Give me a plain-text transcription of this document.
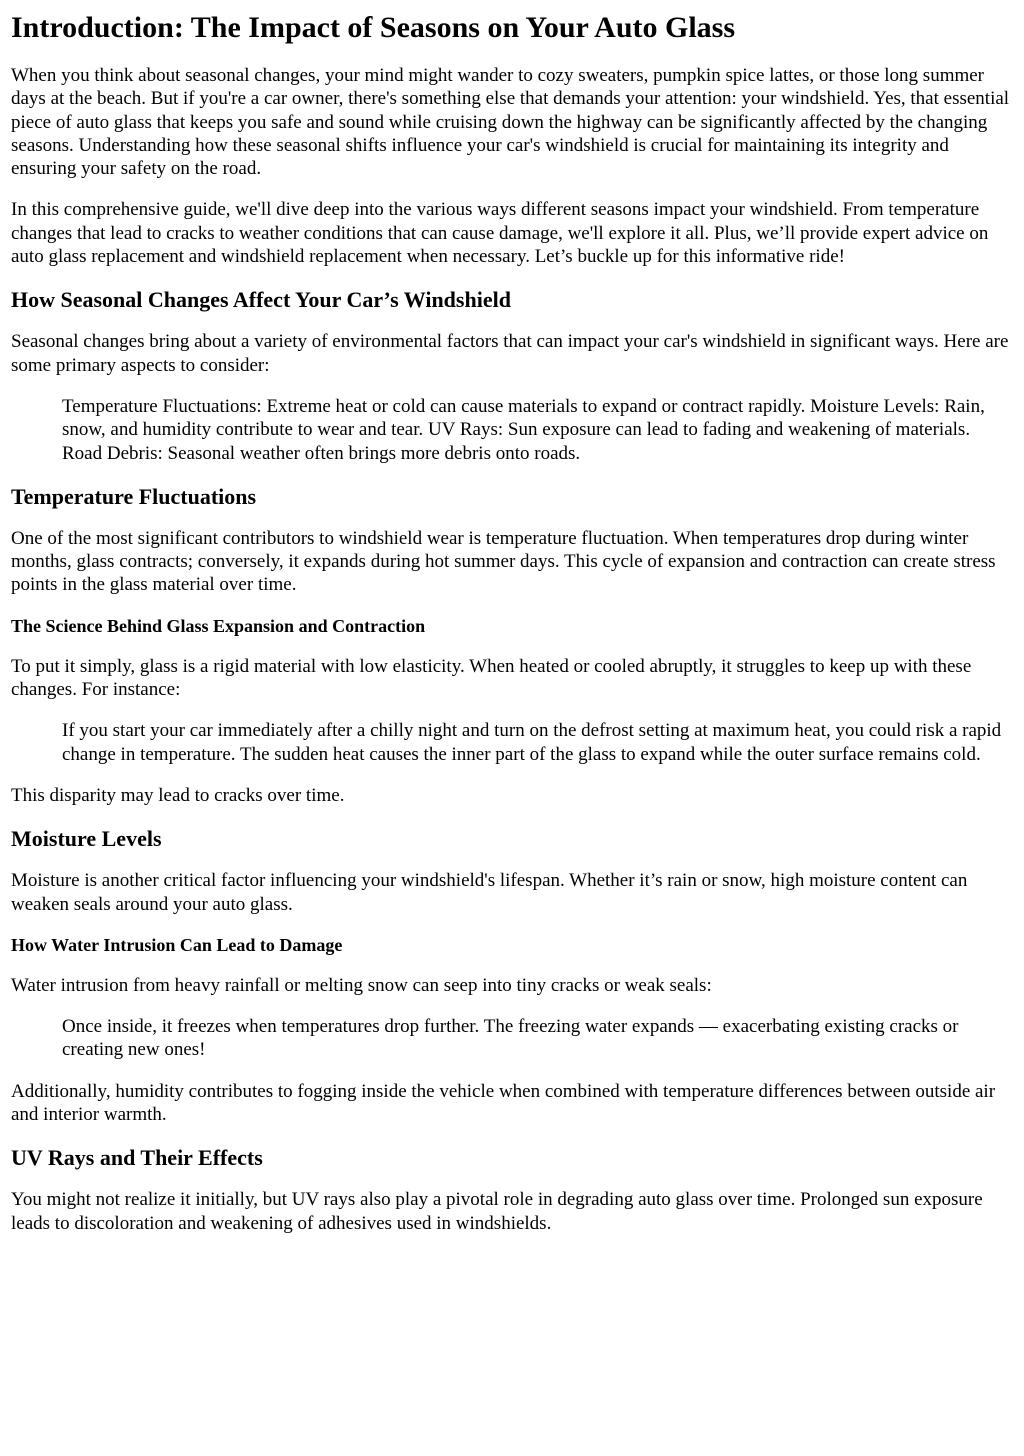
Introduction: The Impact of Seasons on Your Auto Glass

When you think about seasonal changes, your mind might wander to cozy sweaters, pumpkin spice lattes, or those long summer days at the beach. But if you're a car owner, there's something else that demands your attention: your windshield. Yes, that essential piece of auto glass that keeps you safe and sound while cruising down the highway can be significantly affected by the changing seasons. Understanding how these seasonal shifts influence your car's windshield is crucial for maintaining its integrity and ensuring your safety on the road.

In this comprehensive guide, we'll dive deep into the various ways different seasons impact your windshield. From temperature changes that lead to cracks to weather conditions that can cause damage, we'll explore it all. Plus, we’ll provide expert advice on auto glass replacement and windshield replacement when necessary. Let’s buckle up for this informative ride!

How Seasonal Changes Affect Your Car’s Windshield

Seasonal changes bring about a variety of environmental factors that can impact your car's windshield in significant ways. Here are some primary aspects to consider:

Temperature Fluctuations: Extreme heat or cold can cause materials to expand or contract rapidly. Moisture Levels: Rain, snow, and humidity contribute to wear and tear. UV Rays: Sun exposure can lead to fading and weakening of materials. Road Debris: Seasonal weather often brings more debris onto roads.
Temperature Fluctuations

One of the most significant contributors to windshield wear is temperature fluctuation. When temperatures drop during winter months, glass contracts; conversely, it expands during hot summer days. This cycle of expansion and contraction can create stress points in the glass material over time.

The Science Behind Glass Expansion and Contraction

To put it simply, glass is a rigid material with low elasticity. When heated or cooled abruptly, it struggles to keep up with these changes. For instance:

If you start your car immediately after a chilly night and turn on the defrost setting at maximum heat, you could risk a rapid change in temperature. The sudden heat causes the inner part of the glass to expand while the outer surface remains cold.

This disparity may lead to cracks over time.

Moisture Levels

Moisture is another critical factor influencing your windshield's lifespan. Whether it’s rain or snow, high moisture content can weaken seals around your auto glass.

How Water Intrusion Can Lead to Damage

Water intrusion from heavy rainfall or melting snow can seep into tiny cracks or weak seals:

Once inside, it freezes when temperatures drop further. The freezing water expands — exacerbating existing cracks or creating new ones!

Additionally, humidity contributes to fogging inside the vehicle when combined with temperature differences between outside air and interior warmth.

UV Rays and Their Effects

You might not realize it initially, but UV rays also play a pivotal role in degrading auto glass over time. Prolonged sun exposure leads to discoloration and weakening of adhesives used in windshields.
